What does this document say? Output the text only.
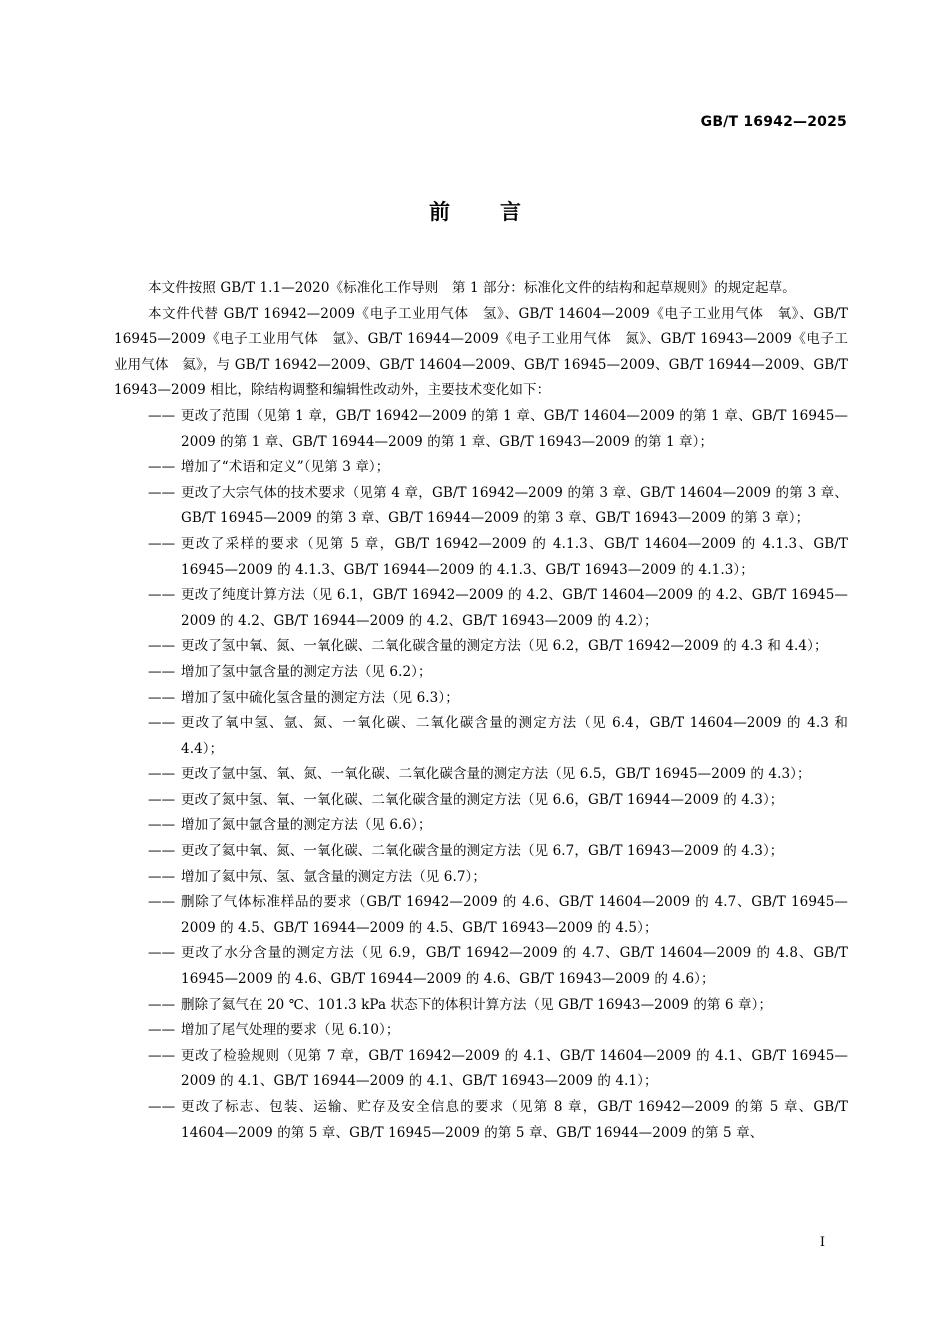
GB/T 16942—2025
前言

本文件按照 GB/T 1.1—2020《标准化工作导则　第 1 部分：标准化文件的结构和起草规则》的规定起草。

本文件代替 GB/T 16942—2009《电子工业用气体　氢》、GB/T 14604—2009《电子工业用气体　氧》、GB/T 16945—2009《电子工业用气体　氩》、GB/T 16944—2009《电子工业用气体　氮》、GB/T 16943—2009《电子工业用气体　氦》，与 GB/T 16942—2009、GB/T 14604—2009、GB/T 16945—2009、GB/T 16944—2009、GB/T 16943—2009 相比，除结构调整和编辑性改动外，主要技术变化如下：

—— 更改了范围（见第 1 章，GB/T 16942—2009 的第 1 章、GB/T 14604—2009 的第 1 章、GB/T 16945—2009 的第 1 章、GB/T 16944—2009 的第 1 章、GB/T 16943—2009 的第 1 章）；

—— 增加了“术语和定义”（见第 3 章）；

—— 更改了大宗气体的技术要求（见第 4 章，GB/T 16942—2009 的第 3 章、GB/T 14604—2009 的第 3 章、GB/T 16945—2009 的第 3 章、GB/T 16944—2009 的第 3 章、GB/T 16943—2009 的第 3 章）；

—— 更改了采样的要求（见第 5 章，GB/T 16942—2009 的 4.1.3、GB/T 14604—2009 的 4.1.3、GB/T 16945—2009 的 4.1.3、GB/T 16944—2009 的 4.1.3、GB/T 16943—2009 的 4.1.3）；

—— 更改了纯度计算方法（见 6.1，GB/T 16942—2009 的 4.2、GB/T 14604—2009 的 4.2、GB/T 16945—2009 的 4.2、GB/T 16944—2009 的 4.2、GB/T 16943—2009 的 4.2）；

—— 更改了氢中氧、氮、一氧化碳、二氧化碳含量的测定方法（见 6.2，GB/T 16942—2009 的 4.3 和 4.4）；

—— 增加了氢中氩含量的测定方法（见 6.2）；

—— 增加了氢中硫化氢含量的测定方法（见 6.3）；

—— 更改了氧中氢、氩、氮、一氧化碳、二氧化碳含量的测定方法（见 6.4，GB/T 14604—2009 的 4.3 和 4.4）；

—— 更改了氩中氢、氧、氮、一氧化碳、二氧化碳含量的测定方法（见 6.5，GB/T 16945—2009 的 4.3）；

—— 更改了氮中氢、氧、一氧化碳、二氧化碳含量的测定方法（见 6.6，GB/T 16944—2009 的 4.3）；

—— 增加了氮中氩含量的测定方法（见 6.6）；

—— 更改了氦中氧、氮、一氧化碳、二氧化碳含量的测定方法（见 6.7，GB/T 16943—2009 的 4.3）；

—— 增加了氦中氖、氢、氩含量的测定方法（见 6.7）；

—— 删除了气体标准样品的要求（GB/T 16942—2009 的 4.6、GB/T 14604—2009 的 4.7、GB/T 16945—2009 的 4.5、GB/T 16944—2009 的 4.5、GB/T 16943—2009 的 4.5）；

—— 更改了水分含量的测定方法（见 6.9，GB/T 16942—2009 的 4.7、GB/T 14604—2009 的 4.8、GB/T 16945—2009 的 4.6、GB/T 16944—2009 的 4.6、GB/T 16943—2009 的 4.6）；

—— 删除了氦气在 20 ℃、101.3 kPa 状态下的体积计算方法（见 GB/T 16943—2009 的第 6 章）；

—— 增加了尾气处理的要求（见 6.10）；

—— 更改了检验规则（见第 7 章，GB/T 16942—2009 的 4.1、GB/T 14604—2009 的 4.1、GB/T 16945—2009 的 4.1、GB/T 16944—2009 的 4.1、GB/T 16943—2009 的 4.1）；

—— 更改了标志、包装、运输、贮存及安全信息的要求（见第 8 章，GB/T 16942—2009 的第 5 章、GB/T 14604—2009 的第 5 章、GB/T 16945—2009 的第 5 章、GB/T 16944—2009 的第 5 章、

I
